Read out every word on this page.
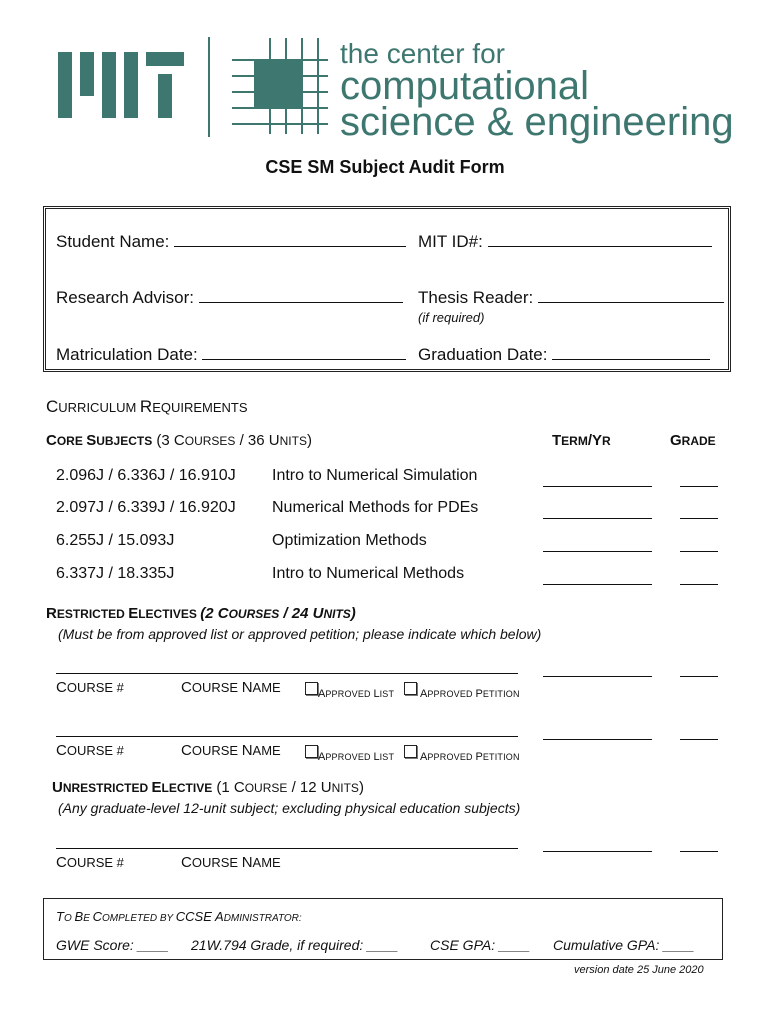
the center for
computational
science & engineering
CSE SM Subject Audit Form
Student Name:	MIT ID#:
Research Advisor:	Thesis Reader:
(if required)
Matriculation Date:	Graduation Date:
CURRICULUM REQUIREMENTS
CORE SUBJECTS (3 COURSES / 36 UNITS)	TERM/YR	GRADE
2.096J / 6.336J / 16.910J Intro to Numerical Simulation
2.097J / 6.339J / 16.920J Numerical Methods for PDEs
6.255J / 15.093J	Optimization Methods
6.337J / 18.335J	Intro to Numerical Methods
RESTRICTED ELECTIVES (2 COURSES / 24 UNITS)
(Must be from approved list or approved petition; please indicate which below)
COURSE #	COURSE NAME	APPROVED LIST APPROVED PETITION
COURSE #	COURSE NAME	APPROVED LIST APPROVED PETITION
UNRESTRICTED ELECTIVE (1 COURSE / 12 UNITS)
(Any graduate-level 12-unit subject; excluding physical education subjects)
COURSE #	COURSE NAME
TO BE COMPLETED BY CCSE ADMINISTRATOR:
GWE Score: ____ 21W.794 Grade, if required: ____ CSE GPA: ____ Cumulative GPA: ____
version date 25 June 2020
